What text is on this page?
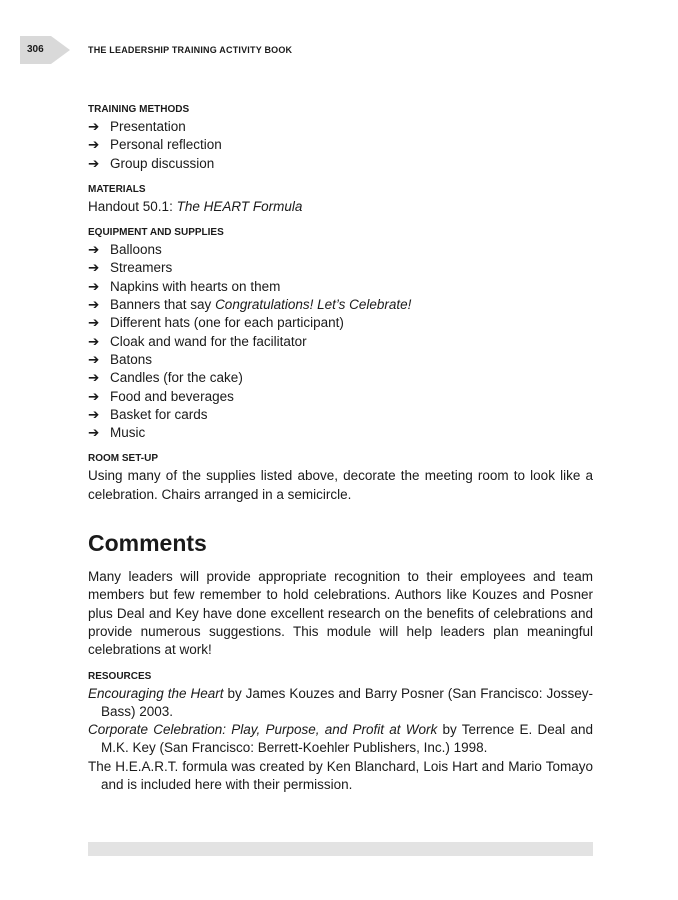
306	THE LEADERSHIP TRAINING ACTIVITY BOOK
TRAINING METHODS
➔ Presentation
➔ Personal reflection
➔ Group discussion
MATERIALS

Handout 50.1: The HEART Formula

EQUIPMENT AND SUPPLIES
➔ Balloons
➔ Streamers
➔ Napkins with hearts on them
➔ Banners that say Congratulations! Let’s Celebrate!
➔ Different hats (one for each participant)
➔ Cloak and wand for the facilitator
➔ Batons
➔ Candles (for the cake)
➔ Food and beverages
➔ Basket for cards
➔ Music
ROOM SET-UP

Using many of the supplies listed above, decorate the meeting room to look like a celebration. Chairs arranged in a semicircle.

Comments

Many leaders will provide appropriate recognition to their employees and team members but few remember to hold celebrations. Authors like Kouzes and Posner plus Deal and Key have done excellent research on the benefits of celebrations and provide numerous suggestions. This module will help leaders plan meaningful celebrations at work!

RESOURCES

Encouraging the Heart by James Kouzes and Barry Posner (San Francisco: Jossey-Bass) 2003.

Corporate Celebration: Play, Purpose, and Profit at Work by Terrence E. Deal and M.K. Key (San Francisco: Berrett-Koehler Publishers, Inc.) 1998.

The H.E.A.R.T. formula was created by Ken Blanchard, Lois Hart and Mario Tomayo and is included here with their permission.
